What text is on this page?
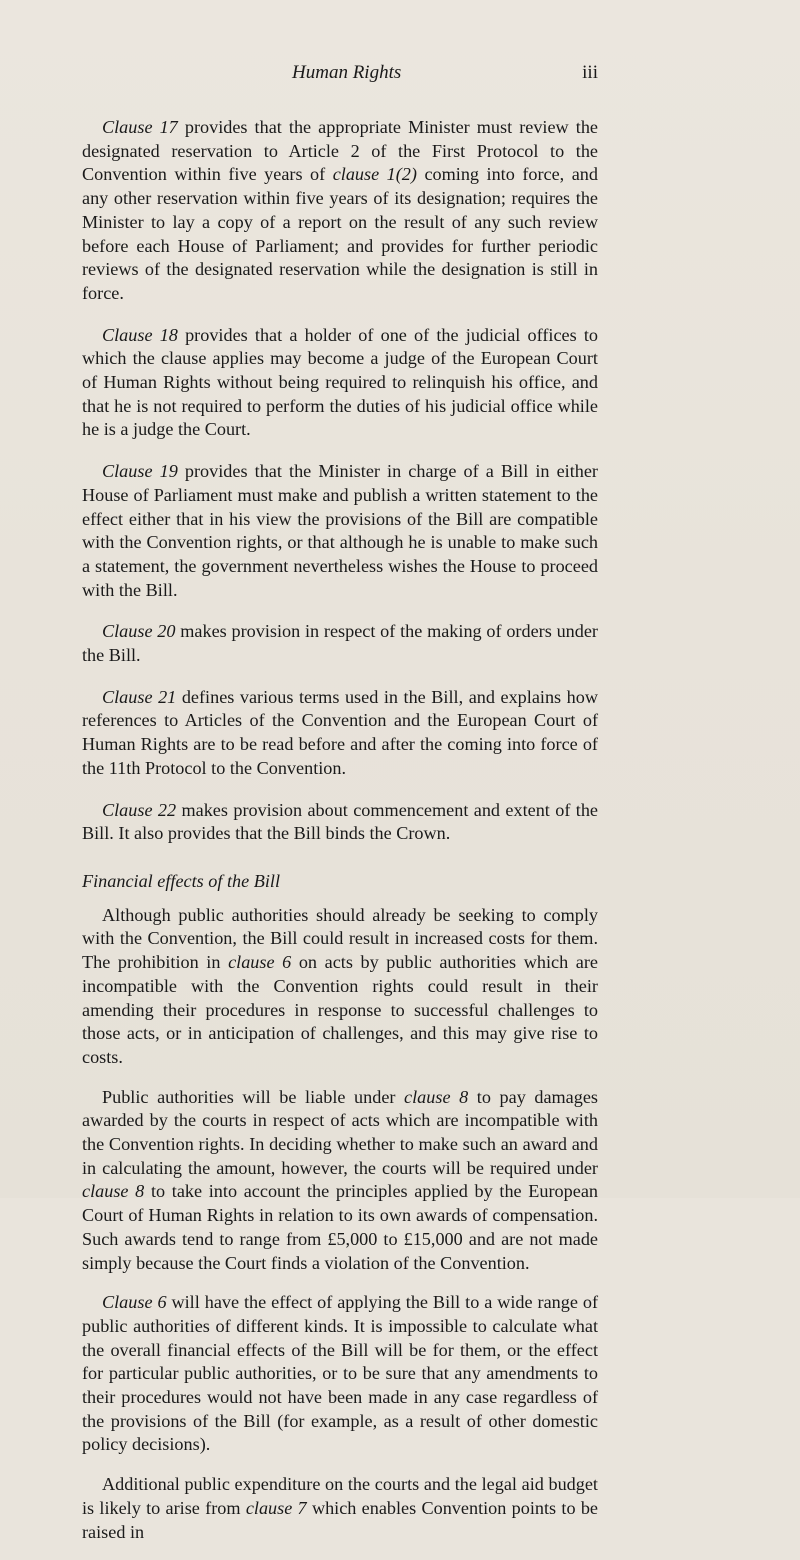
Human Rights	iii

Clause 17 provides that the appropriate Minister must review the designated reservation to Article 2 of the First Protocol to the Convention within five years of clause 1(2) coming into force, and any other reservation within five years of its designation; requires the Minister to lay a copy of a report on the result of any such review before each House of Parliament; and provides for further periodic reviews of the designated reservation while the designation is still in force.

Clause 18 provides that a holder of one of the judicial offices to which the clause applies may become a judge of the European Court of Human Rights without being required to relinquish his office, and that he is not required to perform the duties of his judicial office while he is a judge the Court.

Clause 19 provides that the Minister in charge of a Bill in either House of Parliament must make and publish a written statement to the effect either that in his view the provisions of the Bill are compatible with the Convention rights, or that although he is unable to make such a statement, the government nevertheless wishes the House to proceed with the Bill.

Clause 20 makes provision in respect of the making of orders under the Bill.

Clause 21 defines various terms used in the Bill, and explains how references to Articles of the Convention and the European Court of Human Rights are to be read before and after the coming into force of the 11th Protocol to the Convention.

Clause 22 makes provision about commencement and extent of the Bill. It also provides that the Bill binds the Crown.

Financial effects of the Bill

Although public authorities should already be seeking to comply with the Convention, the Bill could result in increased costs for them. The prohibition in clause 6 on acts by public authorities which are incompatible with the Convention rights could result in their amending their procedures in response to successful challenges to those acts, or in anticipation of challenges, and this may give rise to costs.

Public authorities will be liable under clause 8 to pay damages awarded by the courts in respect of acts which are incompatible with the Convention rights. In deciding whether to make such an award and in calculating the amount, however, the courts will be required under clause 8 to take into account the principles applied by the European Court of Human Rights in relation to its own awards of compensation. Such awards tend to range from £5,000 to £15,000 and are not made simply because the Court finds a violation of the Convention.

Clause 6 will have the effect of applying the Bill to a wide range of public authorities of different kinds. It is impossible to calculate what the overall financial effects of the Bill will be for them, or the effect for particular public authorities, or to be sure that any amendments to their procedures would not have been made in any case regardless of the provisions of the Bill (for example, as a result of other domestic policy decisions).

Additional public expenditure on the courts and the legal aid budget is likely to arise from clause 7 which enables Convention points to be raised in
